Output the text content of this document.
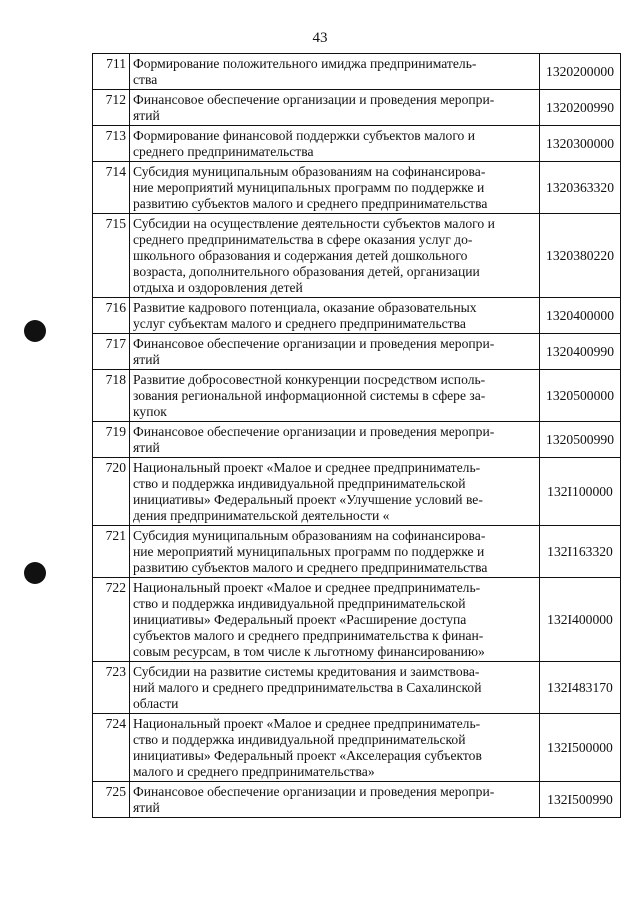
43
711	Формирование положительного имиджа предприниматель-
ства	1320200000
712	Финансовое обеспечение организации и проведения меропри-
ятий	1320200990
713	Формирование финансовой поддержки субъектов малого и
среднего предпринимательства	1320300000
714	Субсидия муниципальным образованиям на софинансирова-
ние мероприятий муниципальных программ по поддержке и
развитию субъектов малого и среднего предпринимательства	1320363320
715	Субсидии на осуществление деятельности субъектов малого и
среднего предпринимательства в сфере оказания услуг до-
школьного образования и содержания детей дошкольного
возраста, дополнительного образования детей, организации
отдыха и оздоровления детей	1320380220
716	Развитие кадрового потенциала, оказание образовательных
услуг субъектам малого и среднего предпринимательства	1320400000
717	Финансовое обеспечение организации и проведения меропри-
ятий	1320400990
718	Развитие добросовестной конкуренции посредством исполь-
зования региональной информационной системы в сфере за-
купок	1320500000
719	Финансовое обеспечение организации и проведения меропри-
ятий	1320500990
720	Национальный проект «Малое и среднее предприниматель-
ство и поддержка индивидуальной предпринимательской
инициативы» Федеральный проект «Улучшение условий ве-
дения предпринимательской деятельности «	132I100000
721	Субсидия муниципальным образованиям на софинансирова-
ние мероприятий муниципальных программ по поддержке и
развитию субъектов малого и среднего предпринимательства	132I163320
722	Национальный проект «Малое и среднее предприниматель-
ство и поддержка индивидуальной предпринимательской
инициативы» Федеральный проект «Расширение доступа
субъектов малого и среднего предпринимательства к финан-
совым ресурсам, в том числе к льготному финансированию»	132I400000
723	Субсидии на развитие системы кредитования и заимствова-
ний малого и среднего предпринимательства в Сахалинской
области	132I483170
724	Национальный проект «Малое и среднее предприниматель-
ство и поддержка индивидуальной предпринимательской
инициативы» Федеральный проект «Акселерация субъектов
малого и среднего предпринимательства»	132I500000
725	Финансовое обеспечение организации и проведения меропри-
ятий	132I500990
